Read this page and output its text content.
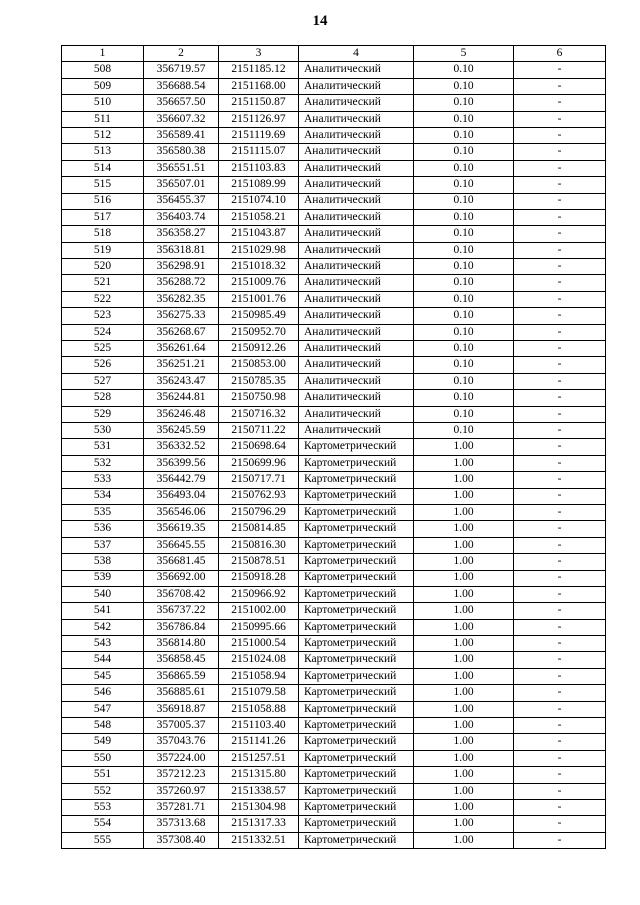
14
1	2	3	4	5	6
508	356719.57	2151185.12	Аналитический	0.10	-
509	356688.54	2151168.00	Аналитический	0.10	-
510	356657.50	2151150.87	Аналитический	0.10	-
511	356607.32	2151126.97	Аналитический	0.10	-
512	356589.41	2151119.69	Аналитический	0.10	-
513	356580.38	2151115.07	Аналитический	0.10	-
514	356551.51	2151103.83	Аналитический	0.10	-
515	356507.01	2151089.99	Аналитический	0.10	-
516	356455.37	2151074.10	Аналитический	0.10	-
517	356403.74	2151058.21	Аналитический	0.10	-
518	356358.27	2151043.87	Аналитический	0.10	-
519	356318.81	2151029.98	Аналитический	0.10	-
520	356298.91	2151018.32	Аналитический	0.10	-
521	356288.72	2151009.76	Аналитический	0.10	-
522	356282.35	2151001.76	Аналитический	0.10	-
523	356275.33	2150985.49	Аналитический	0.10	-
524	356268.67	2150952.70	Аналитический	0.10	-
525	356261.64	2150912.26	Аналитический	0.10	-
526	356251.21	2150853.00	Аналитический	0.10	-
527	356243.47	2150785.35	Аналитический	0.10	-
528	356244.81	2150750.98	Аналитический	0.10	-
529	356246.48	2150716.32	Аналитический	0.10	-
530	356245.59	2150711.22	Аналитический	0.10	-
531	356332.52	2150698.64	Картометрический	1.00	-
532	356399.56	2150699.96	Картометрический	1.00	-
533	356442.79	2150717.71	Картометрический	1.00	-
534	356493.04	2150762.93	Картометрический	1.00	-
535	356546.06	2150796.29	Картометрический	1.00	-
536	356619.35	2150814.85	Картометрический	1.00	-
537	356645.55	2150816.30	Картометрический	1.00	-
538	356681.45	2150878.51	Картометрический	1.00	-
539	356692.00	2150918.28	Картометрический	1.00	-
540	356708.42	2150966.92	Картометрический	1.00	-
541	356737.22	2151002.00	Картометрический	1.00	-
542	356786.84	2150995.66	Картометрический	1.00	-
543	356814.80	2151000.54	Картометрический	1.00	-
544	356858.45	2151024.08	Картометрический	1.00	-
545	356865.59	2151058.94	Картометрический	1.00	-
546	356885.61	2151079.58	Картометрический	1.00	-
547	356918.87	2151058.88	Картометрический	1.00	-
548	357005.37	2151103.40	Картометрический	1.00	-
549	357043.76	2151141.26	Картометрический	1.00	-
550	357224.00	2151257.51	Картометрический	1.00	-
551	357212.23	2151315.80	Картометрический	1.00	-
552	357260.97	2151338.57	Картометрический	1.00	-
553	357281.71	2151304.98	Картометрический	1.00	-
554	357313.68	2151317.33	Картометрический	1.00	-
555	357308.40	2151332.51	Картометрический	1.00	-
